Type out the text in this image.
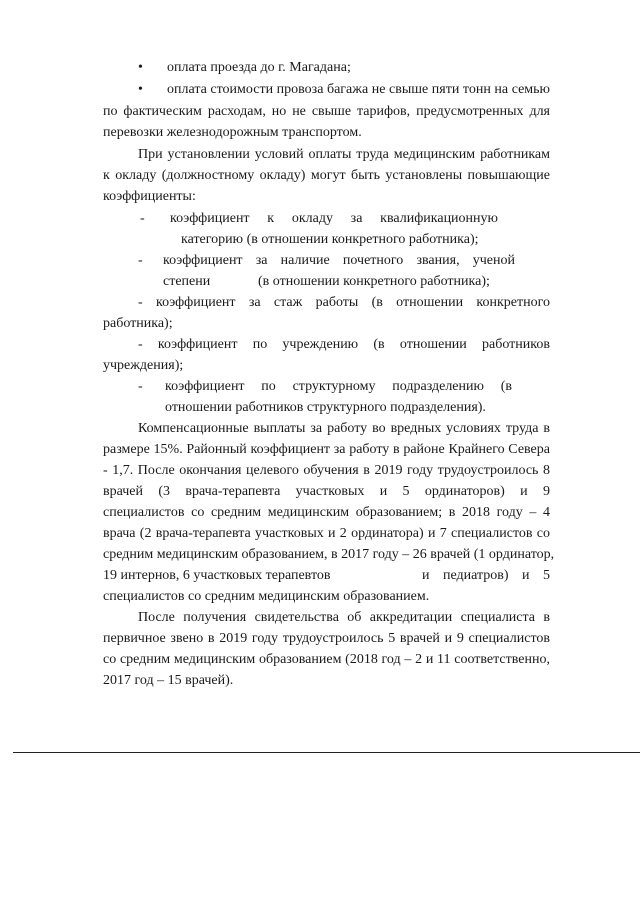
• оплата проезда до г. Магадана;
• оплата стоимости провоза багажа не свыше пяти тонн на семью
по фактическим расходам, но не свыше тарифов, предусмотренных для
перевозки железнодорожным транспортом.
При установлении условий оплаты труда медицинским работникам
к окладу (должностному окладу) могут быть установлены повышающие
коэффициенты:
- коэффициент к окладу за квалификационную
категорию (в отношении конкретного работника);
- коэффициент за наличие почетного звания, ученой
степени	(в отношении конкретного работника);
- коэффициент за стаж работы (в отношении конкретного
работника);
- коэффициент по учреждению (в отношении работников
учреждения);
- коэффициент по структурному подразделению (в
отношении работников структурного подразделения).
Компенсационные выплаты за работу во вредных условиях труда в
размере 15%. Районный коэффициент за работу в районе Крайнего Севера
- 1,7. После окончания целевого обучения в 2019 году трудоустроилось 8
врачей (3 врача-терапевта участковых и 5 ординаторов) и 9
специалистов со средним медицинским образованием; в 2018 году – 4
врача (2 врача-терапевта участковых и 2 ординатора) и 7 специалистов со
средним медицинским образованием, в 2017 году – 26 врачей (1 ординатор,
19 интернов, 6 участковых терапевтов	и педиатров) и 5
специалистов со средним медицинским образованием.
После получения свидетельства об аккредитации специалиста в
первичное звено в 2019 году трудоустроилось 5 врачей и 9 специалистов
со средним медицинским образованием (2018 год – 2 и 11 соответственно,
2017 год – 15 врачей).
